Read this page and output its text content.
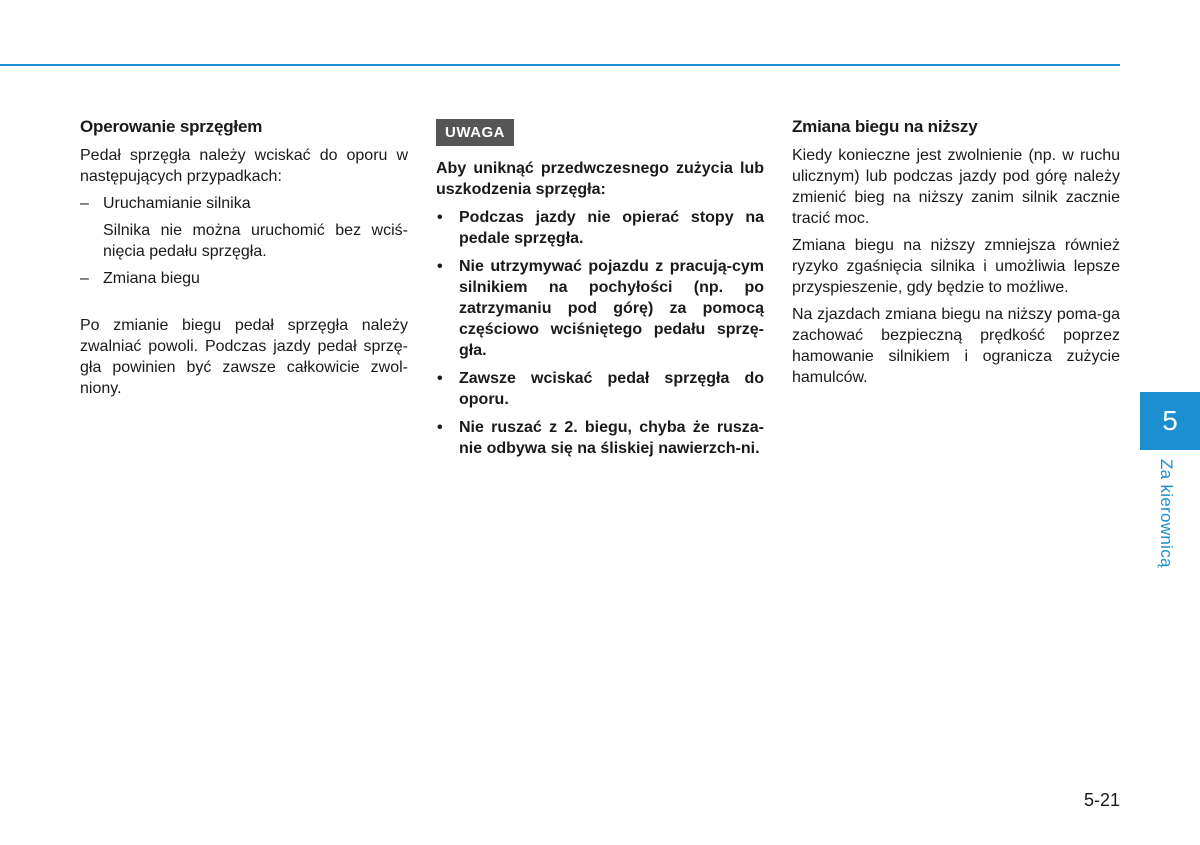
Operowanie sprzęgłem
Pedał sprzęgła należy wciskać do oporu w następujących przypadkach:
– Uruchamianie silnika
Silnika nie można uruchomić bez wciś-nięcia pedału sprzęgła.
– Zmiana biegu
Po zmianie biegu pedał sprzęgła należy zwalniać powoli. Podczas jazdy pedał sprzę-gła powinien być zawsze całkowicie zwol-niony.
UWAGA
Aby uniknąć przedwczesnego zużycia lub uszkodzenia sprzęgła:
• Podczas jazdy nie opierać stopy na pedale sprzęgła.
• Nie utrzymywać pojazdu z pracują-cym silnikiem na pochyłości (np. po zatrzymaniu pod górę) za pomocą częściowo wciśniętego pedału sprzę-gła.
• Zawsze wciskać pedał sprzęgła do oporu.
• Nie ruszać z 2. biegu, chyba że rusza-nie odbywa się na śliskiej nawierzch-ni.
Zmiana biegu na niższy
Kiedy konieczne jest zwolnienie (np. w ruchu ulicznym) lub podczas jazdy pod górę należy zmienić bieg na niższy zanim silnik zacznie tracić moc.
Zmiana biegu na niższy zmniejsza również ryzyko zgaśnięcia silnika i umożliwia lepsze przyspieszenie, gdy będzie to możliwe.
Na zjazdach zmiana biegu na niższy poma-ga zachować bezpieczną prędkość poprzez hamowanie silnikiem i ogranicza zużycie hamulców.
5
Za kierownicą
5-21
